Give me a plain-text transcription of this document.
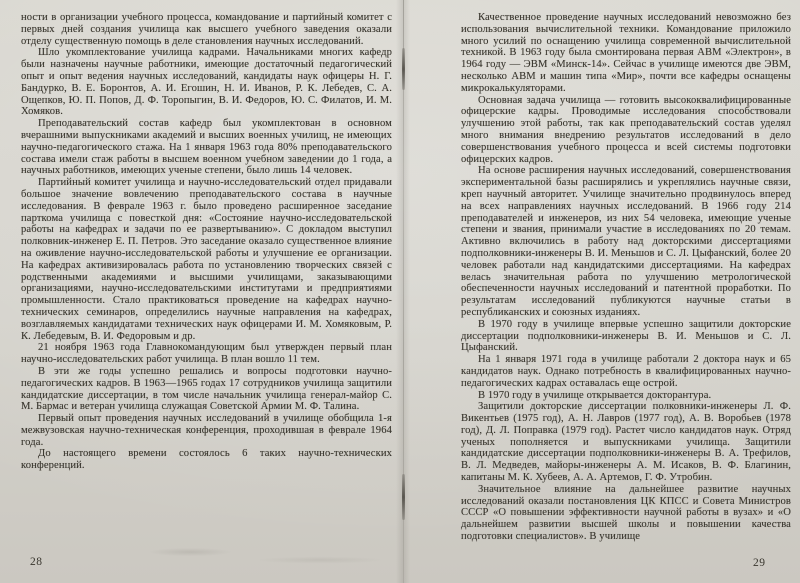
ности в организации учебного процесса, командование и партийный комитет с первых дней создания училища как высшего учебного заведения оказали отделу существенную помощь в деле становления научных исследований.

Шло укомплектование училища кадрами. Начальниками многих кафедр были назначены научные работники, имеющие достаточный педагогический опыт и опыт ведения научных исследований, кандидаты наук офицеры Н. Г. Бандурко, В. Е. Боронтов, А. И. Егошин, Н. И. Иванов, Р. К. Лебедев, С. А. Ощепков, Ю. П. Попов, Д. Ф. Торопыгин, В. И. Федоров, Ю. С. Филатов, И. М. Хомяков.

Преподавательский состав кафедр был укомплектован в основном вчерашними выпускниками академий и высших военных училищ, не имеющих научно-педагогического стажа. На 1 января 1963 года 80% преподавательского состава имели стаж работы в высшем военном учебном заведении до 1 года, а научных работников, имеющих ученые степени, было лишь 14 человек.

Партийный комитет училища и научно-исследовательский отдел придавали большое значение вовлечению преподавательского состава в научные исследования. В феврале 1963 г. было проведено расширенное заседание парткома училища с повесткой дня: «Состояние научно-исследовательской работы на кафедрах и задачи по ее развертыванию». С докладом выступил полковник-инженер Е. П. Петров. Это заседание оказало существенное влияние на оживление научно-исследовательской работы и улучшение ее организации. На кафедрах активизировалась работа по установлению творческих связей с родственными академиями и высшими училищами, заказывающими организациями, научно-исследовательскими институтами и предприятиями промышленности. Стало практиковаться проведение на кафедрах научно-технических семинаров, определились научные направления на кафедрах, возглавляемых кандидатами технических наук офицерами И. М. Хомяковым, Р. К. Лебедевым, В. И. Федоровым и др.

21 ноября 1963 года Главнокомандующим был утвержден первый план научно-исследовательских работ училища. В план вошло 11 тем.

В эти же годы успешно решались и вопросы подготовки научно-педагогических кадров. В 1963—1965 годах 17 сотрудников училища защитили кандидатские диссертации, в том числе начальник училища генерал-майор С. М. Бармас и ветеран училища служащая Советской Армии М. Ф. Талина.

Первый опыт проведения научных исследований в училище обобщила 1-я межвузовская научно-техническая конференция, проходившая в феврале 1964 года.

До настоящего времени состоялось 6 таких научно-технических конференций.

Качественное проведение научных исследований невозможно без использования вычислительной техники. Командование приложило много усилий по оснащению училища современной вычислительной техникой. В 1963 году была смонтирована первая АВМ «Электрон», в 1964 году — ЭВМ «Минск-14». Сейчас в училище имеются две ЭВМ, несколько АВМ и машин типа «Мир», почти все кафедры оснащены микрокалькуляторами.

Основная задача училища — готовить высококвалифицированные офицерские кадры. Проводимые исследования способствовали улучшению этой работы, так как преподавательский состав уделял много внимания внедрению результатов исследований в дело совершенствования учебного процесса и всей системы подготовки офицерских кадров.

На основе расширения научных исследований, совершенствования экспериментальной базы расширялись и укреплялись научные связи, креп научный авторитет. Училище значительно продвинулось вперед на всех направлениях научных исследований. В 1966 году 214 преподавателей и инженеров, из них 54 человека, имеющие ученые степени и звания, принимали участие в исследованиях по 20 темам. Активно включились в работу над докторскими диссертациями подполковники-инженеры В. И. Меньшов и С. Л. Цыфанский, более 20 человек работали над кандидатскими диссертациями. На кафедрах велась значительная работа по улучшению метрологической обеспеченности научных исследований и патентной проработки. По результатам исследований публикуются научные статьи в республиканских и союзных изданиях.

В 1970 году в училище впервые успешно защитили докторские диссертации подполковники-инженеры В. И. Меньшов и С. Л. Цыфанский.

На 1 января 1971 года в училище работали 2 доктора наук и 65 кандидатов наук. Однако потребность в квалифицированных научно-педагогических кадрах оставалась еще острой.

В 1970 году в училище открывается докторантура.

Защитили докторские диссертации полковники-инженеры Л. Ф. Викентьев (1975 год), А. Н. Лавров (1977 год), А. В. Воробьев (1978 год), Д. Л. Поправка (1979 год). Растет число кандидатов наук. Отряд ученых пополняется и выпускниками училища. Защитили кандидатские диссертации подполковники-инженеры В. А. Трефилов, В. Л. Медведев, майоры-инженеры А. М. Исаков, В. Ф. Благинин, капитаны М. К. Хубеев, А. А. Артемов, Г. Ф. Утробин.

Значительное влияние на дальнейшее развитие научных исследований оказали постановления ЦК КПСС и Совета Министров СССР «О повышении эффективности научной работы в вузах» и «О дальнейшем развитии высшей школы и повышении качества подготовки специалистов». В училище

28	29
